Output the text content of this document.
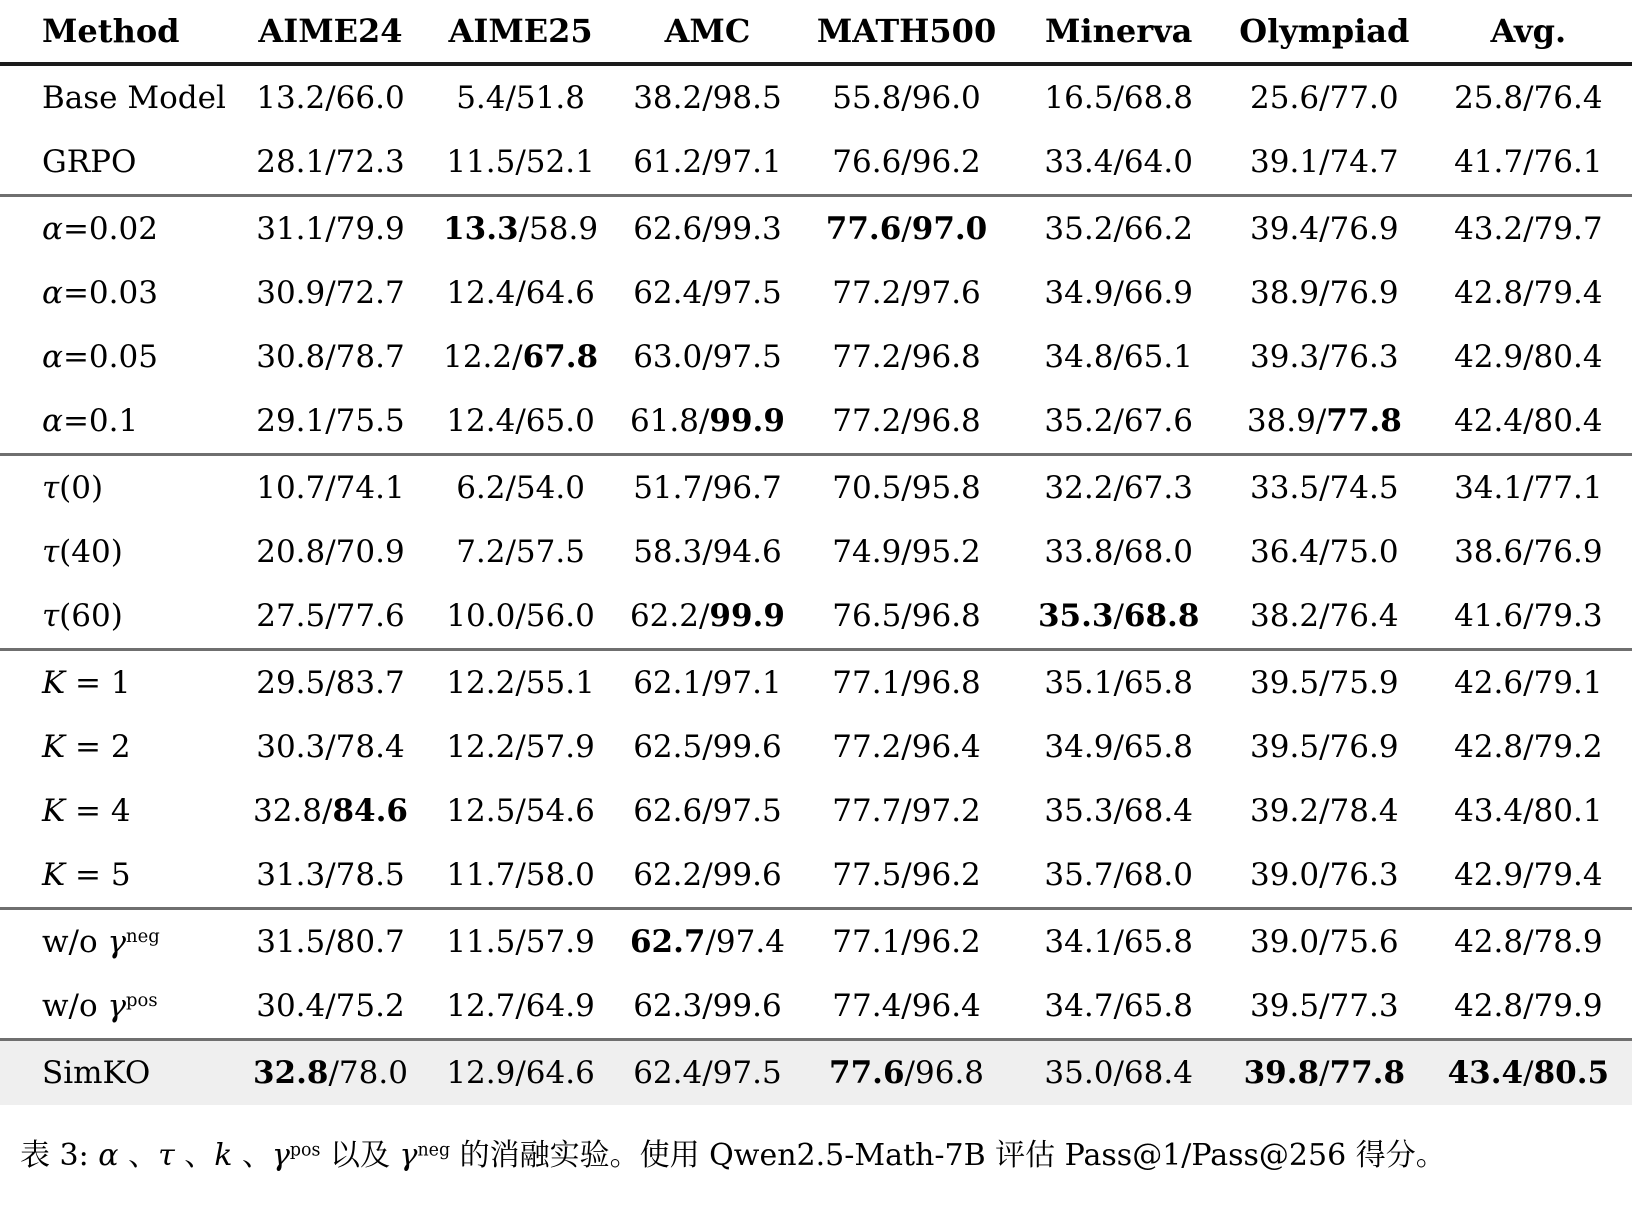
Method	AIME24	AIME25	AMC	MATH500	Minerva	Olympiad	Avg.
Base Model	13.2/66.0	5.4/51.8	38.2/98.5	55.8/96.0	16.5/68.8	25.6/77.0	25.8/76.4
GRPO	28.1/72.3	11.5/52.1	61.2/97.1	76.6/96.2	33.4/64.0	39.1/74.7	41.7/76.1
α=0.02	31.1/79.9	13.3/58.9	62.6/99.3	77.6/97.0	35.2/66.2	39.4/76.9	43.2/79.7
α=0.03	30.9/72.7	12.4/64.6	62.4/97.5	77.2/97.6	34.9/66.9	38.9/76.9	42.8/79.4
α=0.05	30.8/78.7	12.2/67.8	63.0/97.5	77.2/96.8	34.8/65.1	39.3/76.3	42.9/80.4
α=0.1	29.1/75.5	12.4/65.0	61.8/99.9	77.2/96.8	35.2/67.6	38.9/77.8	42.4/80.4
τ(0)	10.7/74.1	6.2/54.0	51.7/96.7	70.5/95.8	32.2/67.3	33.5/74.5	34.1/77.1
τ(40)	20.8/70.9	7.2/57.5	58.3/94.6	74.9/95.2	33.8/68.0	36.4/75.0	38.6/76.9
τ(60)	27.5/77.6	10.0/56.0	62.2/99.9	76.5/96.8	35.3/68.8	38.2/76.4	41.6/79.3
K = 1	29.5/83.7	12.2/55.1	62.1/97.1	77.1/96.8	35.1/65.8	39.5/75.9	42.6/79.1
K = 2	30.3/78.4	12.2/57.9	62.5/99.6	77.2/96.4	34.9/65.8	39.5/76.9	42.8/79.2
K = 4	32.8/84.6	12.5/54.6	62.6/97.5	77.7/97.2	35.3/68.4	39.2/78.4	43.4/80.1
K = 5	31.3/78.5	11.7/58.0	62.2/99.6	77.5/96.2	35.7/68.0	39.0/76.3	42.9/79.4
w/o $\gamma^{neg}$	31.5/80.7	11.5/57.9	62.7/97.4	77.1/96.2	34.1/65.8	39.0/75.6	42.8/78.9
w/o $\gamma^{pos}$	30.4/75.2	12.7/64.9	62.3/99.6	77.4/96.4	34.7/65.8	39.5/77.3	42.8/79.9
SimKO	32.8/78.0	12.9/64.6	62.4/97.5	77.6/96.8	35.0/68.4	39.8/77.8	43.4/80.5
表 3: α 、τ 、k 、$\gamma^{pos}$ 以及 $\gamma^{neg}$ 的消融实验。使用 Qwen2.5-Math-7B 评估 Pass@1/Pass@256 得分。
